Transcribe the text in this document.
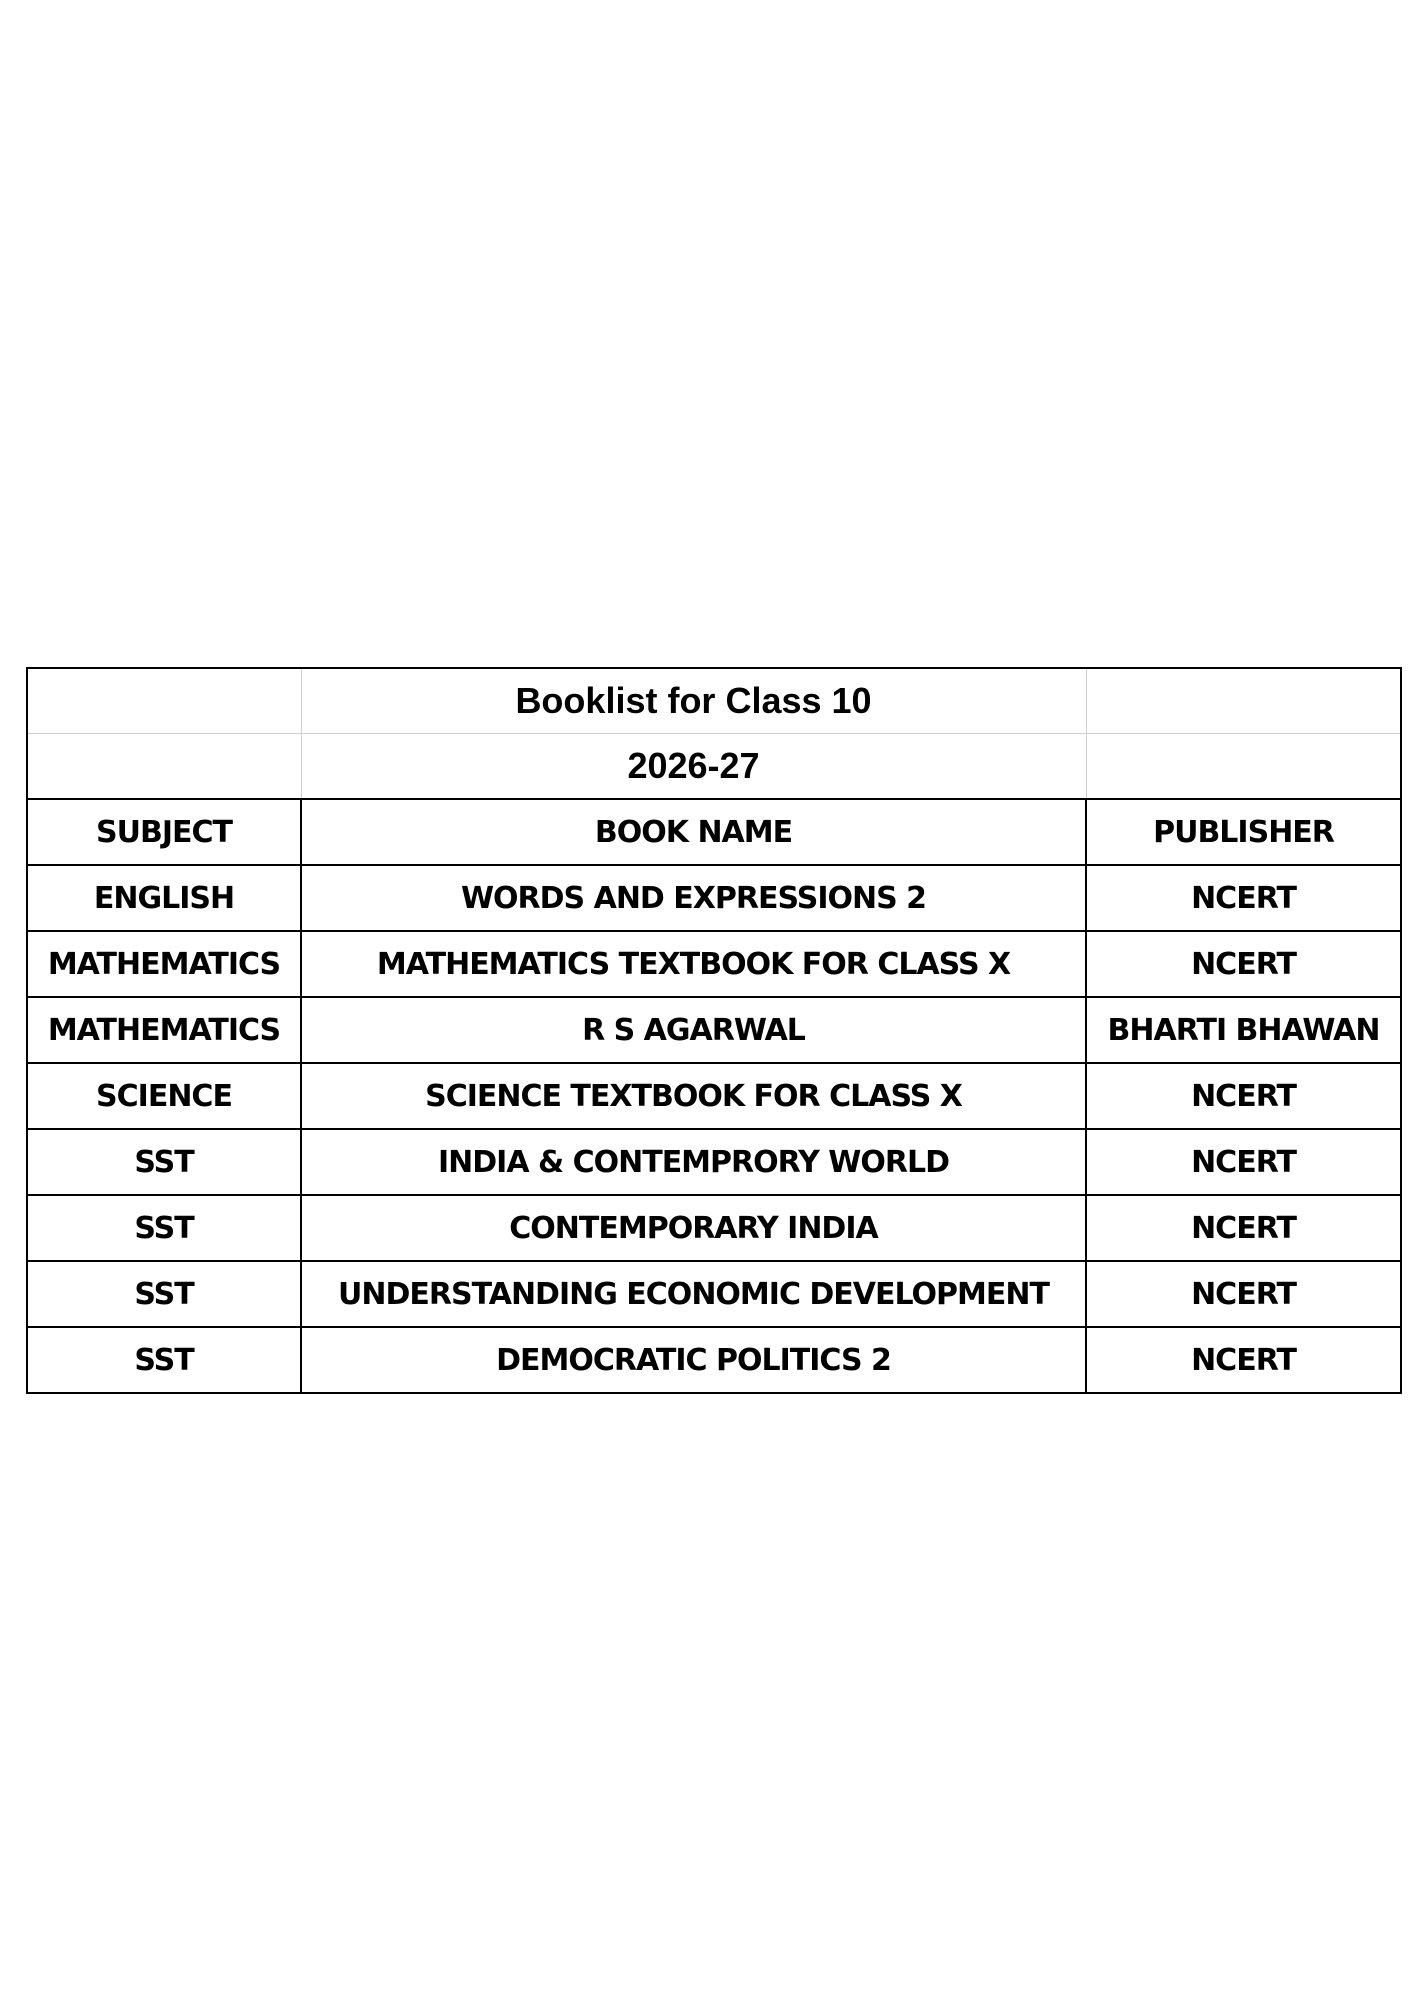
	Booklist for Class 10	
	2026-27	
SUBJECT	BOOK NAME	PUBLISHER
ENGLISH	WORDS AND EXPRESSIONS 2	NCERT
MATHEMATICS	MATHEMATICS TEXTBOOK FOR CLASS X	NCERT
MATHEMATICS	R S AGARWAL	BHARTI BHAWAN
SCIENCE	SCIENCE TEXTBOOK FOR CLASS X	NCERT
SST	INDIA & CONTEMPRORY WORLD	NCERT
SST	CONTEMPORARY INDIA	NCERT
SST	UNDERSTANDING ECONOMIC DEVELOPMENT	NCERT
SST	DEMOCRATIC POLITICS 2	NCERT
